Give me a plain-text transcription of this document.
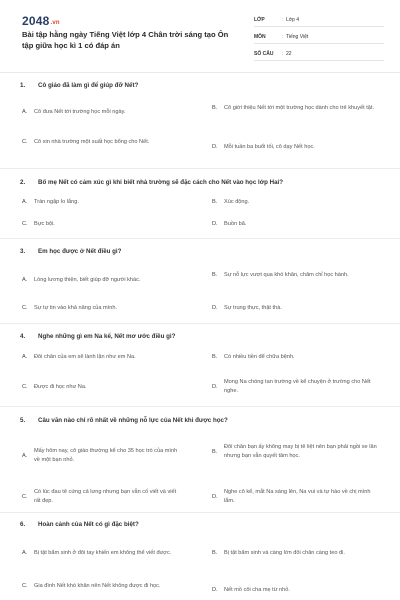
2048.vn
Bài tập hằng ngày Tiếng Việt lớp 4 Chân trời sáng tạo Ôn tập giữa học kì 1 có đáp án
LỚP	: Lớp 4
MÔN	: Tiếng Việt
SỐ CÂU	: 22
1. Cô giáo đã làm gì để giúp đỡ Nết?
A.	Cô đưa Nết tới trường học mỗi ngày.
B.	Cô giới thiệu Nết tới một trường học dành cho trẻ khuyết tật.
C.	Cô xin nhà trường một suất học bổng cho Nết.
D.	Mỗi tuần ba buổi tối, cô dạy Nết học.
2. Bố mẹ Nết có cảm xúc gì khi biết nhà trường sẽ đặc cách cho Nết vào học lớp Hai?
A.	Tràn ngập lo lắng.	B.	Xúc động.
C.	Bực bội.	D.	Buồn bã.
3. Em học được ở Nết điều gì?
A.	Lòng lương thiện, biết giúp đỡ người khác.
B.	Sự nỗ lực vượt qua khó khăn, chăm chỉ học hành.
C.	Sự tự tin vào khả năng của mình.	D.	Sự trung thực, thật thà.
4. Nghe những gì em Na kể, Nết mơ ước điều gì?
A.	Đôi chân của em sẽ lành lặn như em Na.	B.	Có nhiều tiền để chữa bệnh.
C.	Được đi học như Na.	D.
Mong Na chóng tan trường về kể chuyện ở trường cho Nết nghe.
5. Câu văn nào chỉ rõ nhất về những nỗ lực của Nết khi được học?
A.
Mấy hôm nay, cô giáo thường kể cho 35 học trò của mình về một bạn nhỏ.
B.
Đôi chân bạn ấy không may bị tê liệt nên bạn phải ngồi xe lăn nhưng bạn vẫn quyết tâm học.
C.
Có lúc đau tê cứng cả lưng nhưng bạn vẫn cố viết và viết rất đẹp.
D.
Nghe cô kể, mắt Na sáng lên, Na vui và tự hào về chị mình lắm.
6. Hoàn cảnh của Nết có gì đặc biệt?
A.	Bị tật bẩm sinh ở đôi tay khiến em không thể viết được.	B.	Bị tật bẩm sinh và càng lớn đôi chân càng teo đi.
C.	Gia đình Nết khó khăn nên Nết không được đi học.
D.	Nết mồ côi cha mẹ từ nhỏ.
